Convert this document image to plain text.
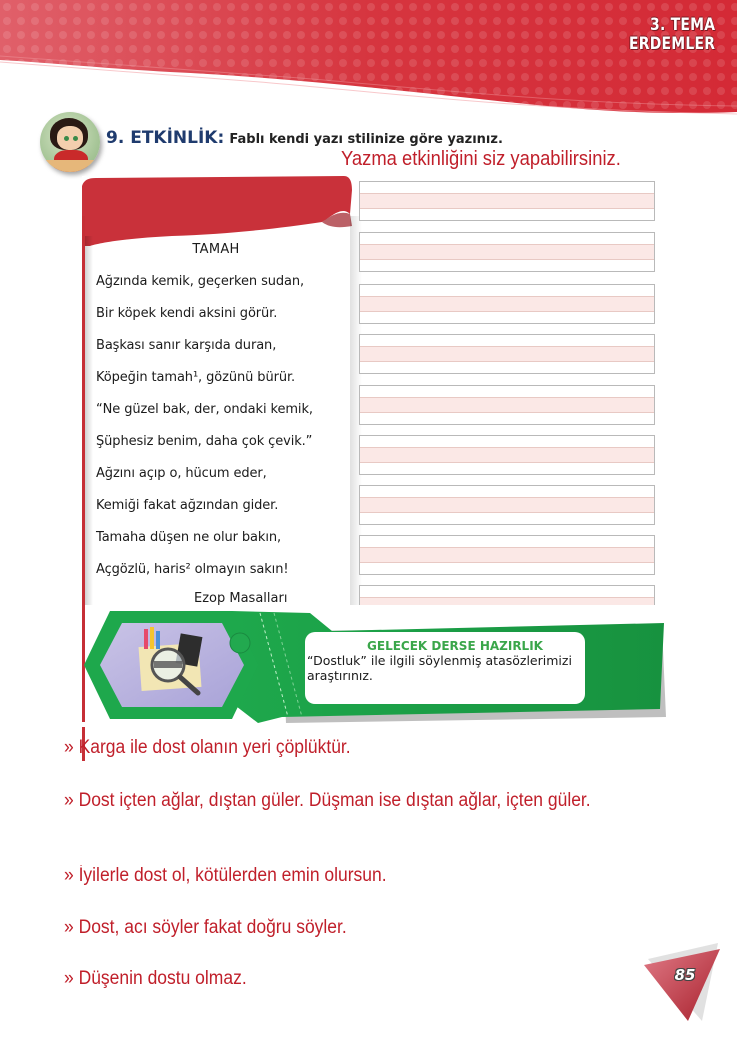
3. TEMA
ERDEMLER
9. ETKİNLİK: Fablı kendi yazı stilinize göre yazınız.
Yazma etkinliğini siz yapabilirsiniz.
TAMAH
Ağzında kemik, geçerken sudan,
Bir köpek kendi aksini görür.
Başkası sanır karşıda duran,
Köpeğin tamah¹, gözünü bürür.
“Ne güzel bak, der, ondaki kemik,
Şüphesiz benim, daha çok çevik.”
Ağzını açıp o, hücum eder,
Kemiği fakat ağzından gider.
Tamaha düşen ne olur bakın,
Açgözlü, haris² olmayın sakın!
Ezop Masalları
GELECEK DERSE HAZIRLIK
“Dostluk” ile ilgili söylenmiş atasözlerimizi araştırınız.
» Karga ile dost olanın yeri çöplüktür.
» Dost içten ağlar, dıştan güler. Düşman ise dıştan ağlar, içten güler.
» İyilerle dost ol, kötülerden emin olursun.
» Dost, acı söyler fakat doğru söyler.
» Düşenin dostu olmaz.	85
